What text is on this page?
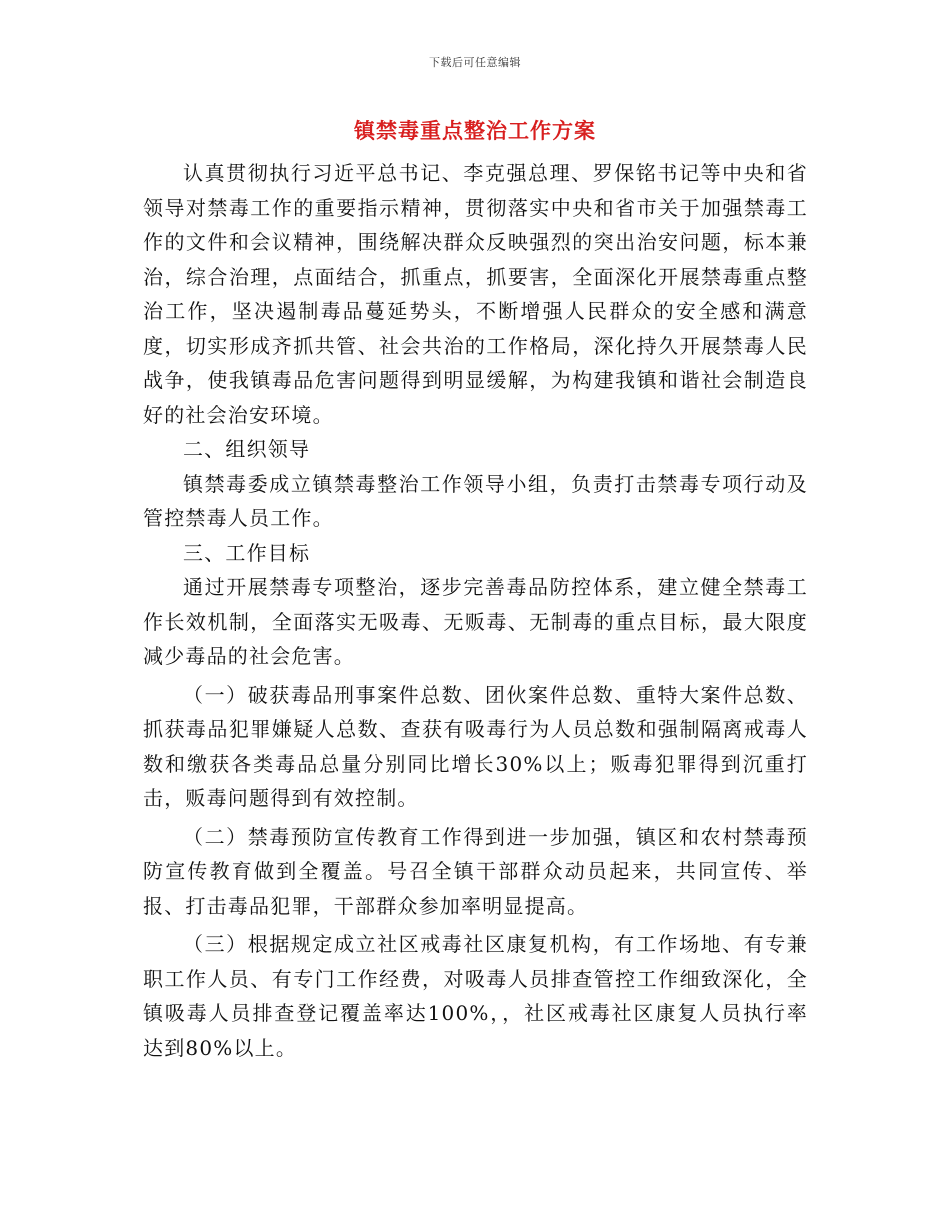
下载后可任意编辑
镇禁毒重点整治工作方案

认真贯彻执行习近平总书记、李克强总理、罗保铭书记等中央和省领导对禁毒工作的重要指示精神，贯彻落实中央和省市关于加强禁毒工作的文件和会议精神，围绕解决群众反映强烈的突出治安问题，标本兼治，综合治理，点面结合，抓重点，抓要害，全面深化开展禁毒重点整治工作，坚决遏制毒品蔓延势头，不断增强人民群众的安全感和满意度，切实形成齐抓共管、社会共治的工作格局，深化持久开展禁毒人民战争，使我镇毒品危害问题得到明显缓解，为构建我镇和谐社会制造良好的社会治安环境。

二、组织领导

镇禁毒委成立镇禁毒整治工作领导小组，负责打击禁毒专项行动及管控禁毒人员工作。

三、工作目标

通过开展禁毒专项整治，逐步完善毒品防控体系，建立健全禁毒工作长效机制，全面落实无吸毒、无贩毒、无制毒的重点目标，最大限度减少毒品的社会危害。

（一）破获毒品刑事案件总数、团伙案件总数、重特大案件总数、抓获毒品犯罪嫌疑人总数、查获有吸毒行为人员总数和强制隔离戒毒人数和缴获各类毒品总量分别同比增长30%以上；贩毒犯罪得到沉重打击，贩毒问题得到有效控制。

（二）禁毒预防宣传教育工作得到进一步加强，镇区和农村禁毒预防宣传教育做到全覆盖。号召全镇干部群众动员起来，共同宣传、举报、打击毒品犯罪，干部群众参加率明显提高。

（三）根据规定成立社区戒毒社区康复机构，有工作场地、有专兼职工作人员、有专门工作经费，对吸毒人员排查管控工作细致深化，全镇吸毒人员排查登记覆盖率达100%，，社区戒毒社区康复人员执行率达到80%以上。
